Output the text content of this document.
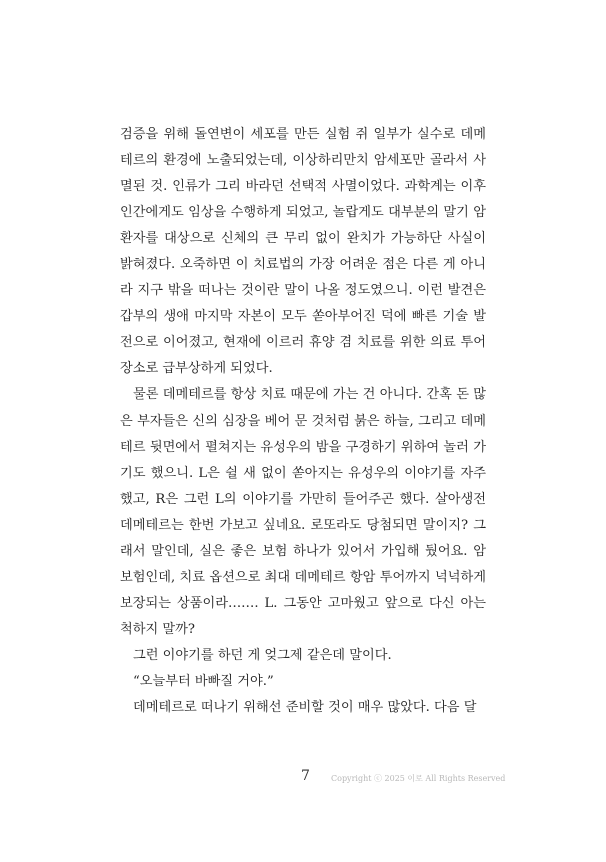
검증을 위해 돌연변이 세포를 만든 실험 쥐 일부가 실수로 데메테르의 환경에 노출되었는데, 이상하리만치 암세포만 골라서 사멸된 것. 인류가 그리 바라던 선택적 사멸이었다. 과학계는 이후 인간에게도 임상을 수행하게 되었고, 놀랍게도 대부분의 말기 암 환자를 대상으로 신체의 큰 무리 없이 완치가 가능하단 사실이 밝혀졌다. 오죽하면 이 치료법의 가장 어려운 점은 다른 게 아니라 지구 밖을 떠나는 것이란 말이 나올 정도였으니. 이런 발견은 갑부의 생애 마지막 자본이 모두 쏟아부어진 덕에 빠른 기술 발전으로 이어졌고, 현재에 이르러 휴양 겸 치료를 위한 의료 투어 장소로 급부상하게 되었다.

물론 데메테르를 항상 치료 때문에 가는 건 아니다. 간혹 돈 많은 부자들은 신의 심장을 베어 문 것처럼 붉은 하늘, 그리고 데메테르 뒷면에서 펼쳐지는 유성우의 밤을 구경하기 위하여 놀러 가기도 했으니. L은 쉴 새 없이 쏟아지는 유성우의 이야기를 자주 했고, R은 그런 L의 이야기를 가만히 들어주곤 했다. 살아생전 데메테르는 한번 가보고 싶네요. 로또라도 당첨되면 말이지? 그래서 말인데, 실은 좋은 보험 하나가 있어서 가입해 뒀어요. 암 보험인데, 치료 옵션으로 최대 데메테르 항암 투어까지 넉넉하게 보장되는 상품이라……. L. 그동안 고마웠고 앞으로 다신 아는 척하지 말까?

그런 이야기를 하던 게 엊그제 같은데 말이다.

“오늘부터 바빠질 거야.”

데메테르로 떠나기 위해선 준비할 것이 매우 많았다. 다음 달

7	Copyright ⓒ 2025 이로 All Rights Reserved
